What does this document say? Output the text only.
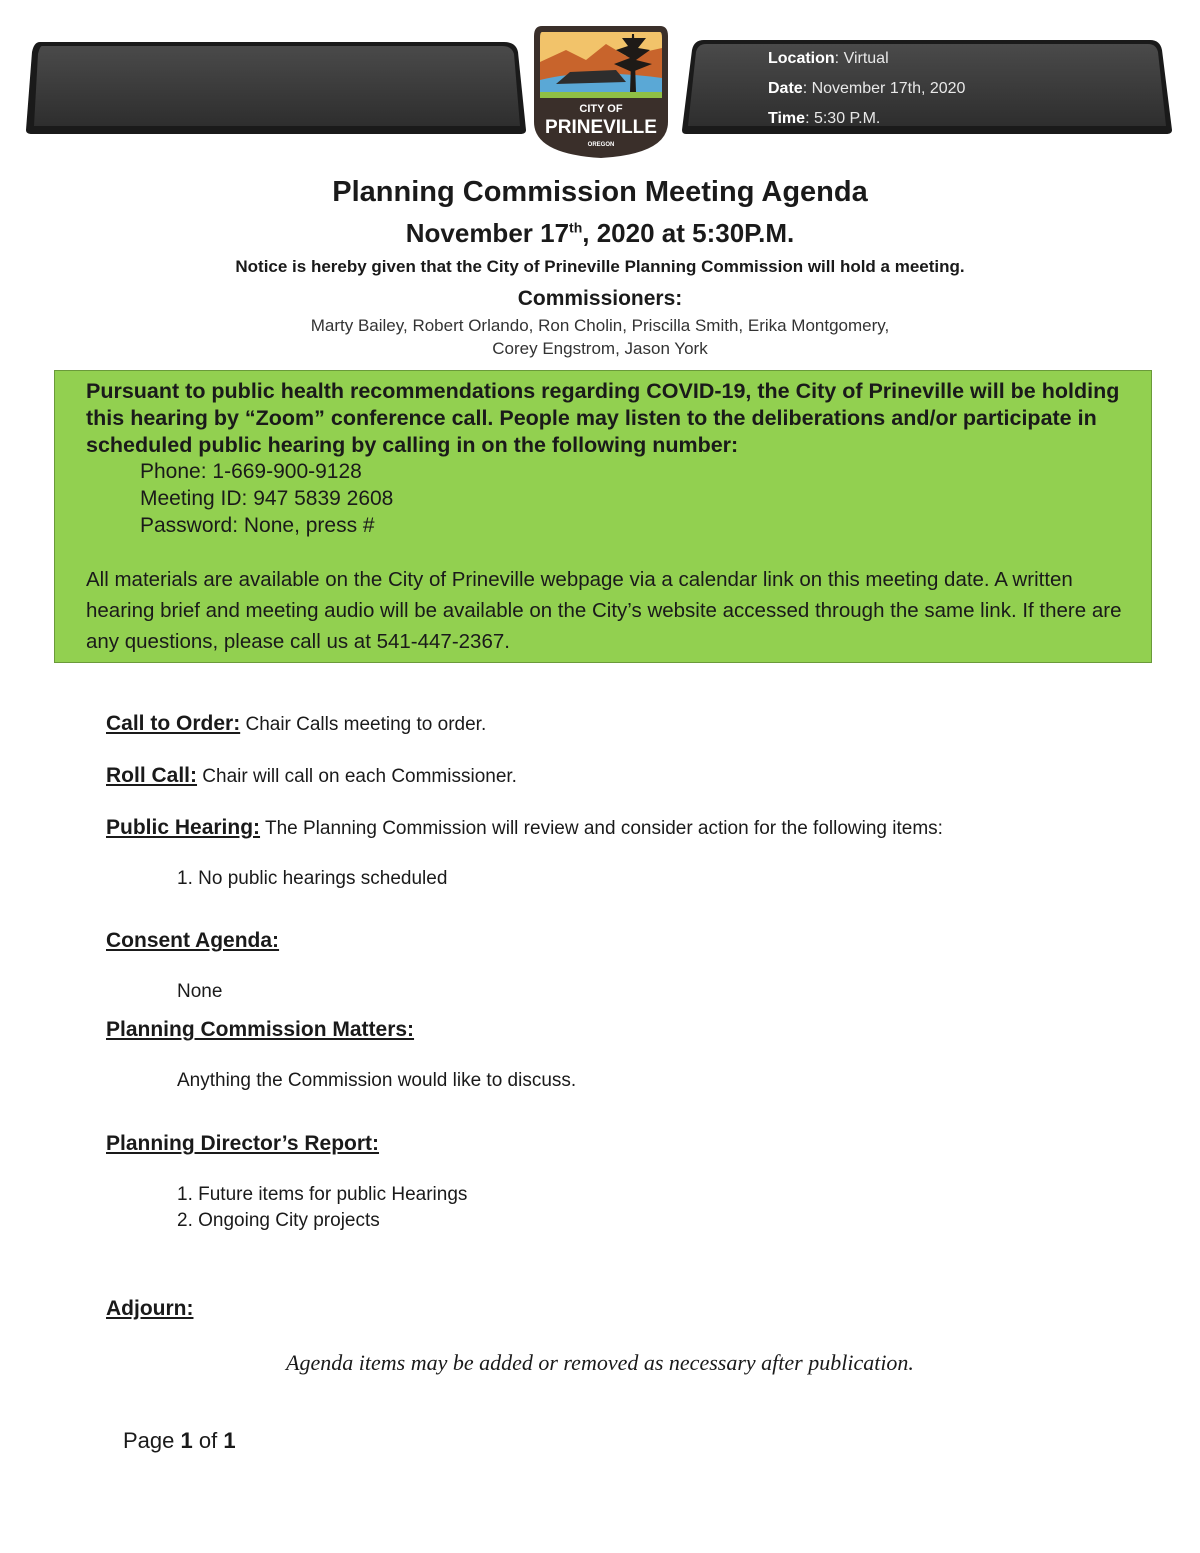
Location: Virtual
Date: November 17th, 2020
Time: 5:30 P.M.
CITY OF
PRINEVILLE
OREGON
Planning Commission Meeting Agenda
November 17th, 2020 at 5:30P.M.
Notice is hereby given that the City of Prineville Planning Commission will hold a meeting.
Commissioners:
Marty Bailey, Robert Orlando, Ron Cholin, Priscilla Smith, Erika Montgomery,
Corey Engstrom, Jason York
Pursuant to public health recommendations regarding COVID-19, the City of Prineville will be holding this hearing by “Zoom” conference call. People may listen to the deliberations and/or participate in scheduled public hearing by calling in on the following number:
Phone: 1-669-900-9128
Meeting ID: 947 5839 2608
Password: None, press #
All materials are available on the City of Prineville webpage via a calendar link on this meeting date. A written hearing brief and meeting audio will be available on the City’s website accessed through the same link. If there are any questions, please call us at 541-447-2367.
Call to Order: Chair Calls meeting to order.
Roll Call: Chair will call on each Commissioner.
Public Hearing: The Planning Commission will review and consider action for the following items:
1. No public hearings scheduled
Consent Agenda:
None
Planning Commission Matters:
Anything the Commission would like to discuss.
Planning Director’s Report:
1. Future items for public Hearings
2. Ongoing City projects
Adjourn:
Agenda items may be added or removed as necessary after publication.
Page 1 of 1
